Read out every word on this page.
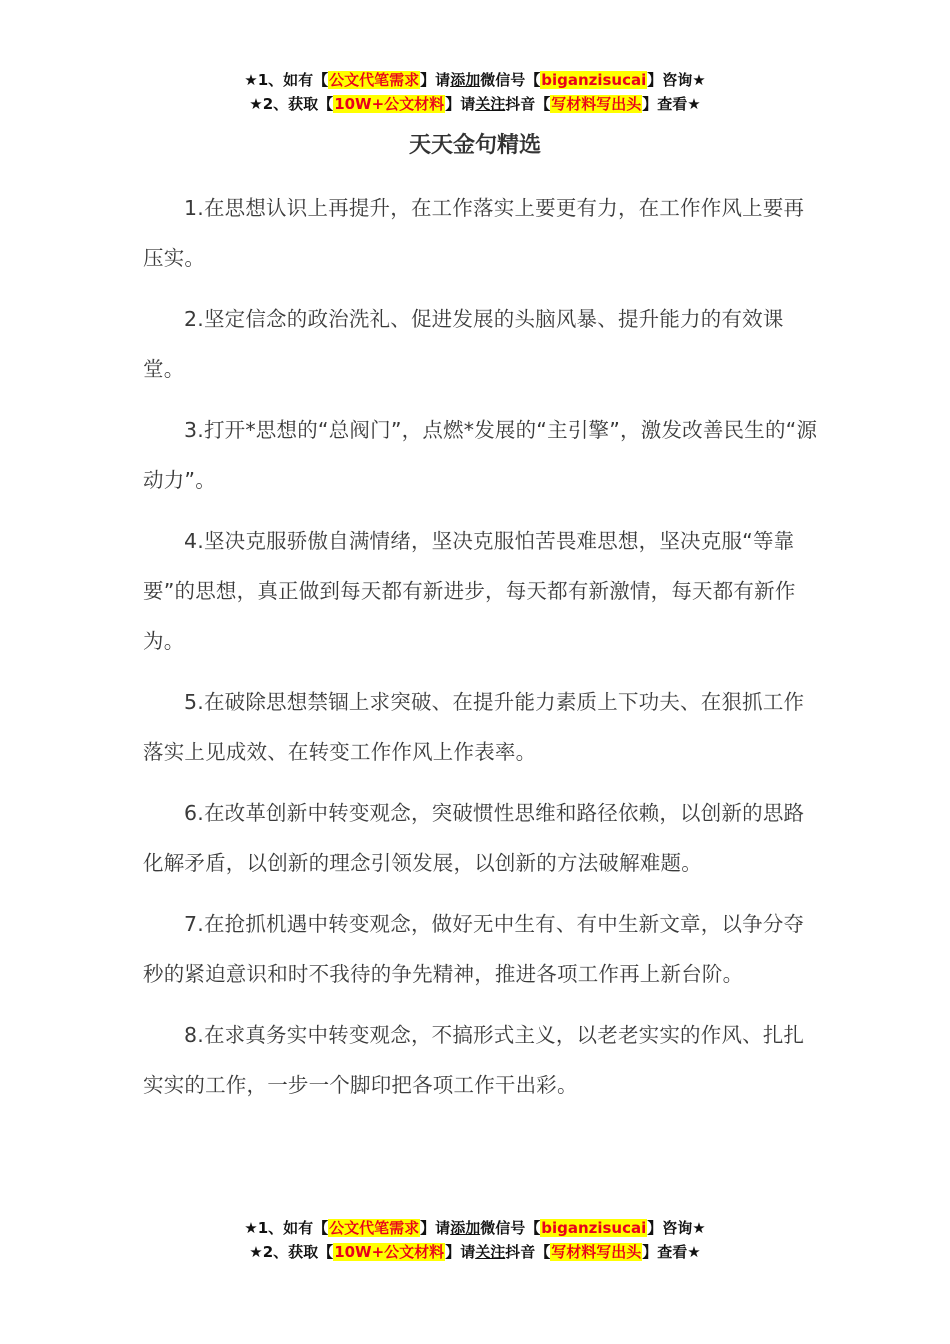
★1、如有【公文代笔需求】请添加微信号【biganzisucai】咨询★
★2、获取【10W+公文材料】请关注抖音【写材料写出头】查看★
天天金句精选

1.在思想认识上再提升，在工作落实上要更有力，在工作作风上要再压实。

2.坚定信念的政治洗礼、促进发展的头脑风暴、提升能力的有效课堂。

3.打开*思想的“总阀门”，点燃*发展的“主引擎”，激发改善民生的“源动力”。

4.坚决克服骄傲自满情绪，坚决克服怕苦畏难思想，坚决克服“等靠要”的思想，真正做到每天都有新进步，每天都有新激情，每天都有新作为。

5.在破除思想禁锢上求突破、在提升能力素质上下功夫、在狠抓工作落实上见成效、在转变工作作风上作表率。

6.在改革创新中转变观念，突破惯性思维和路径依赖，以创新的思路化解矛盾，以创新的理念引领发展，以创新的方法破解难题。

7.在抢抓机遇中转变观念，做好无中生有、有中生新文章，以争分夺秒的紧迫意识和时不我待的争先精神，推进各项工作再上新台阶。

8.在求真务实中转变观念，不搞形式主义，以老老实实的作风、扎扎实实的工作，一步一个脚印把各项工作干出彩。

★1、如有【公文代笔需求】请添加微信号【biganzisucai】咨询★
★2、获取【10W+公文材料】请关注抖音【写材料写出头】查看★
